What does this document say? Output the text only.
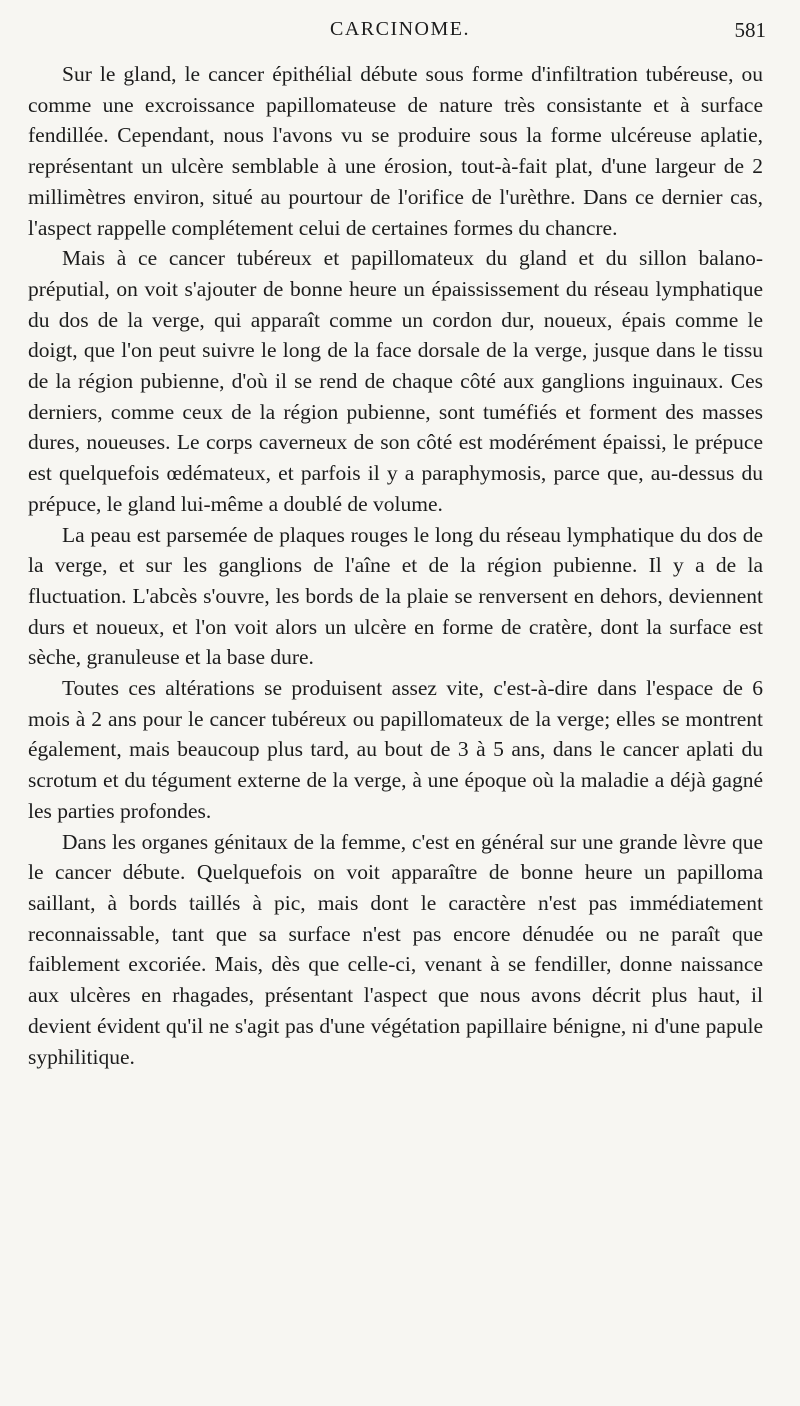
CARCINOME.	581

Sur le gland, le cancer épithélial débute sous forme d'infiltration tubéreuse, ou comme une excroissance papillomateuse de nature très consistante et à surface fendillée. Cependant, nous l'avons vu se produire sous la forme ulcéreuse aplatie, représentant un ulcère semblable à une érosion, tout-à-fait plat, d'une largeur de 2 millimètres environ, situé au pourtour de l'orifice de l'urèthre. Dans ce dernier cas, l'aspect rappelle complétement celui de certaines formes du chancre.

Mais à ce cancer tubéreux et papillomateux du gland et du sillon balano-préputial, on voit s'ajouter de bonne heure un épaississement du réseau lymphatique du dos de la verge, qui apparaît comme un cordon dur, noueux, épais comme le doigt, que l'on peut suivre le long de la face dorsale de la verge, jusque dans le tissu de la région pubienne, d'où il se rend de chaque côté aux ganglions inguinaux. Ces derniers, comme ceux de la région pubienne, sont tuméfiés et forment des masses dures, noueuses. Le corps caverneux de son côté est modérément épaissi, le prépuce est quelquefois œdémateux, et parfois il y a paraphymosis, parce que, au-dessus du prépuce, le gland lui-même a doublé de volume.

La peau est parsemée de plaques rouges le long du réseau lymphatique du dos de la verge, et sur les ganglions de l'aîne et de la région pubienne. Il y a de la fluctuation. L'abcès s'ouvre, les bords de la plaie se renversent en dehors, deviennent durs et noueux, et l'on voit alors un ulcère en forme de cratère, dont la surface est sèche, granuleuse et la base dure.

Toutes ces altérations se produisent assez vite, c'est-à-dire dans l'espace de 6 mois à 2 ans pour le cancer tubéreux ou papillomateux de la verge; elles se montrent également, mais beaucoup plus tard, au bout de 3 à 5 ans, dans le cancer aplati du scrotum et du tégument externe de la verge, à une époque où la maladie a déjà gagné les parties profondes.

Dans les organes génitaux de la femme, c'est en général sur une grande lèvre que le cancer débute. Quelquefois on voit apparaître de bonne heure un papilloma saillant, à bords taillés à pic, mais dont le caractère n'est pas immédiatement reconnaissable, tant que sa surface n'est pas encore dénudée ou ne paraît que faiblement excoriée. Mais, dès que celle-ci, venant à se fendiller, donne naissance aux ulcères en rhagades, présentant l'aspect que nous avons décrit plus haut, il devient évident qu'il ne s'agit pas d'une végétation papillaire bénigne, ni d'une papule syphilitique.
